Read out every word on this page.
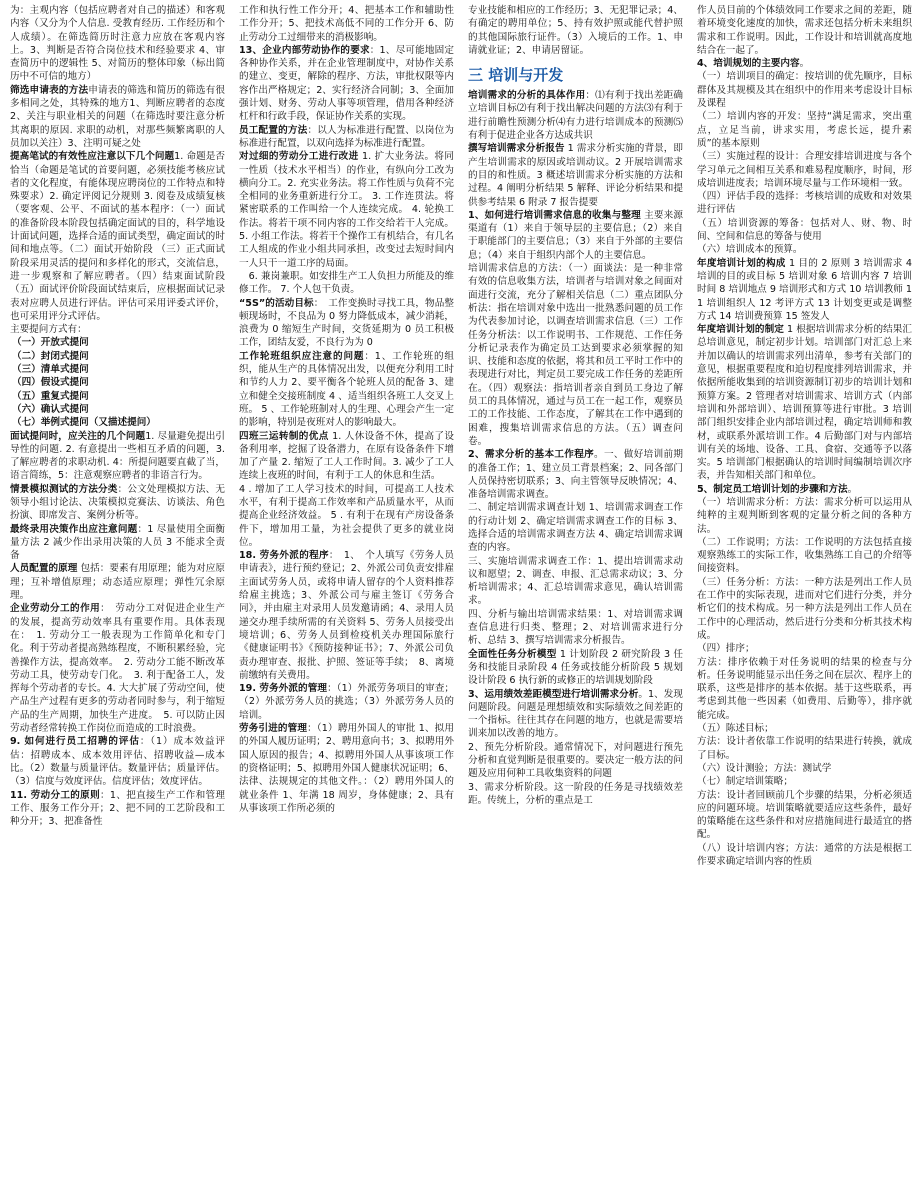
为：主观内容（包括应聘者对自己的描述）和客观内容（又分为个人信息. 受教育经历. 工作经历和个人成绩）。在筛选简历时注意力应放在客观内容上。3、判断是否符合岗位技术和经验要求 4、审查简历中的逻辑性 5、对简历的整体印象（标出简历中不可信的地方）

筛选申请表的方法申请表的筛选和简历的筛选有很多相同之处，其特殊的地方1、判断应聘者的态度 2、关注与职业相关的问题（在筛选时要注意分析其离职的原因. 求职的动机，对那些频繁离职的人员加以关注）3、注明可疑之处

提高笔试的有效性应注意以下几个问题1. 命题是否恰当（命题是笔试的首要问题，必须技能考核应试者的文化程度，有能体现应聘岗位的工作特点和特殊要求）2. 确定评阅记分规则 3. 阅卷及成绩复核（要客观、公平、不面试的基本程序：（一）面试的准备阶段本阶段包括确定面试的目的，科学地设计面试问题，选择合适的面试类型，确定面试的时间和地点等。（二）面试开始阶段 （三）正式面试阶段采用灵活的提问和多样化的形式，交流信息，进一步观察和了解应聘者。（四）结束面试阶段（五）面试评价阶段面试结束后，应根据面试记录表对应聘人员进行评估。评估可采用评委式评价，也可采用评分式评估。

主要提问方式有：

（一）开放式提问

（二）封闭式提问

（三）清单式提问

（四）假设式提问

（五）重复式提问

（六）确认式提问

（七）举例式提问（又描述提问）

面试提问时，应关注的几个问题1. 尽量避免提出引导性的问题. 2. 有意提出一些相互矛盾的问题，3. 了解应聘者的求职动机. 4：所提问题要直截了当，语言简练，5：注意观察应聘者的非语言行为。

情景模拟测试的方法分类：公文处理模拟方法、无领导小组讨论法、决策模拟竞赛法、访谈法、角色扮演、即席发言、案例分析等。

最终录用决策作出应注意问题：1 尽量使用全面衡量方法 2 减少作出录用决策的人员 3 不能求全责备

人员配置的原理 包括：要素有用原理；能为对应原理；互补增值原理；动态适应原理；弹性冗余原理。

企业劳动分工的作用：　劳动分工对促进企业生产的发展，提高劳动效率具有重要作用。具体表现在：　1. 劳动分工一般表现为工作简单化和专门化。利于劳动者提高熟练程度，不断积累经验，完善操作方法，提高效率。　2. 劳动分工能不断改革劳动工具，使劳动专门化。　3. 利于配备工人，发挥每个劳动者的专长。4. 大大扩展了劳动空间，使产品生产过程有更多的劳动者同时参与，利于缩短产品的生产周期，加快生产进度。　5. 可以防止因劳动者经常转换工作岗位而造成的工时浪费。

9. 如何进行员工招聘的评估：（1）成本效益评估：招聘成本、成本效用评估、招聘收益—成本比。（2）数量与质量评估。数量评估；质量评估。（3）信度与效度评估。信度评估；效度评估。

11. 劳动分工的原则：1、把直接生产工作和管理工作、服务工作分开；2、把不同的工艺阶段和工种分开；3、把准备性

工作和执行性工作分开；4、把基本工作和辅助性工作分开；5、把技术高低不同的工作分开 6、防止劳动分工过细带来的消极影响。

13、企业内部劳动协作的要求：1、尽可能地固定各种协作关系，并在企业管理制度中，对协作关系的建立、变更，解除的程序、方法，审批权限等内容作出严格规定；2、实行经济合同制；3、全面加强计划、财务、劳动人事等项管理，借用各种经济杠杆和行政手段，保证协作关系的实现。

员工配置的方法：以人为标准进行配置、以岗位为标准进行配置，以双向选择为标准进行配置。

对过细的劳动分工进行改进 1. 扩大业务法。将同一性质（技术水平相当）的作业，有纵向分工改为横向分工。2. 充实业务法。将工作性质与负荷不完全相同的业务重新进行分工。 3. 工作连贯法。将紧密联系的工作叫给一个人连续完成。 4. 轮换工作法。将若干项不同内容的工作交给若干人完成。 5. 小组工作法。将若干个操作工有机结合，有几名工人组成的作业小组共同承担，改变过去短时间内一人只干一道工序的局面。

　6. 兼岗兼职。如安排生产工人负担力所能及的维修工作。 7. 个人包干负责。

“5S”的活动目标：　工作变换时寻找工具，物品整顿现场时，不良品为 0 努力降低成本，减少消耗，浪费为 0 缩短生产时间，交货延期为 0 员工积极工作，团结友爱，不良行为为 0

工作轮班组织应注意的问题：1、工作轮班的组织，能从生产的具体情况出发，以便充分利用工时和节约人力 2、要平衡各个轮班人员的配备 3、建立和健全交接班制度 4 、适当组织各班工人交叉上班。 5 、工作轮班制对人的生理、心理会产生一定的影响，特别是夜班对人的影响最大。

四班三运转制的优点 1. 人休设备不休，提高了设备利用率，挖掘了设备潜力，在原有设备条件下增加了产量 2. 缩短了工人工作时间。3. 减少了工人连续上夜班的时间，有利于工人的休息和生活。

4 . 增加了工人学习技术的时间，可提高工人技术水平，有利于提高工作效率和产品质量水平，从而提高企业经济效益。 5 . 有利于在现有产房设备条件下，增加用工量，为社会提供了更多的就业岗位。

18. 劳务外派的程序：　1、　个人填写《劳务人员申请表》，进行预约登记；2、外派公司负责安排雇主面试劳务人员，或将申请人留存的个人资料推荐给雇主挑选；3、外派公司与雇主签订《劳务合同》，并由雇主对录用人员发邀请函；4、录用人员递交办理手续所需的有关资料 5、劳务人员接受出境培训；6、劳务人员到检疫机关办理国际旅行《健康证明书》《预防接种证书》；7、外派公司负责办理审查、报批、护照、签证等手续；　8、离境前缴纳有关费用。

19. 劳务外派的管理：（1）外派劳务项目的审查；（2）外派劳务人员的挑选；（3）外派劳务人员的培训。

劳务引进的管理：（1）聘用外国人的审批 1、拟用的外国人履历证明；2、聘用意向书；3、拟聘用外国人原因的报告；4、拟聘用外国人从事该项工作的资格证明；5、拟聘用外国人健康状况证明；6、法律、法规规定的其他文件。：（2）聘用外国人的就业条件 1、年满 18 周岁，身体健康；2、具有从事该项工作所必须的

专业技能和相应的工作经历；3、无犯罪记录；4、有确定的聘用单位；5、持有效护照或能代替护照的其他国际旅行证件。（3）入境后的工作。1、申请就业证；2、申请居留证。

三 培训与开发

培训需求的分析的具体作用：⑴有利于找出差距确立培训目标⑵有利于找出解决问题的方法⑶有利于进行前瞻性预测分析⑷有力进行培训成本的预测⑸有利于促进企业各方达成共识

撰写培训需求分析报告 1 需求分析实施的背景，即产生培训需求的原因或培训动议。2 开展培训需求的目的和性质。3 概述培训需求分析实施的方法和过程。4 阐明分析结果 5 解释、评论分析结果和提供参考结果 6 附录 7 报告提要

1、如何进行培训需求信息的收集与整理 主要来源渠道有（1）来自于领导层的主要信息；（2）来自于职能部门的主要信息；（3）来自于外部的主要信息；（4）来自于组织内部个人的主要信息。

培训需求信息的方法：（一）面谈法：是一种非常有效的信息收集方法，培训者与培训对象之间面对面进行交流，充分了解相关信息（二）重点团队分析法：指在培训对象中选出一批熟悉问题的员工作为代表参加讨论，以调查培训需求信息（三）工作任务分析法：以工作说明书、工作规范、工作任务分析记录表作为确定员工达到要求必须掌握的知识、技能和态度的依据，将其和员工平时工作中的表现进行对比，判定员工要完成工作任务的差距所在。（四）观察法：指培训者亲自到员工身边了解员工的具体情况，通过与员工在一起工作，观察员工的工作技能、工作态度，了解其在工作中遇到的困难，搜集培训需求信息的方法。（五）调查问卷。

2、需求分析的基本工作程序。一、做好培训前期的准备工作；1、建立员工背景档案；2、同各部门人员保持密切联系；3、向主管领导反映情况；4、准备培训需求调查。

二、制定培训需求调查计划 1、培训需求调查工作的行动计划 2、确定培训需求调查工作的目标 3、选择合适的培训需求调查方法 4、确定培训需求调查的内容。

三、实施培训需求调查工作：1、提出培训需求动议和愿望；2、调查、申报、汇总需求动议；3、分析培训需求；4、汇总培训需求意见，确认培训需求。

四、分析与输出培训需求结果：1、对培训需求调查信息进行归类、整理；2、对培训需求进行分析、总结 3、撰写培训需求分析报告。

全面性任务分析模型 1 计划阶段 2 研究阶段 3 任务和技能目录阶段 4 任务或技能分析阶段 5 规划设计阶段 6 执行新的或修正的培训规划阶段

3、运用绩效差距模型进行培训需求分析。1、发现问题阶段。问题是理想绩效和实际绩效之间差距的一个指标。往往其存在问题的地方，也就是需要培训来加以改善的地方。

2、预先分析阶段。通常情况下，对问题进行预先分析和直觉判断是很重要的。要决定一般方法的问题及应用何种工具收集资料的问题

3、需求分析阶段。这一阶段的任务是寻找绩效差距。传统上，分析的重点是工

作人员目前的个体绩效同工作要求之间的差距，随着环境变化速度的加快，需求还包括分析未来组织需求和工作说明。因此，工作设计和培训就高度地结合在一起了。

4、培训规划的主要内容。

（一）培训项目的确定：按培训的优先顺序，目标群体及其规模及其在组织中的作用来考虑设计目标及课程

（二）培训内容的开发：坚持“满足需求，突出重点，立足当前，讲求实用，考虑长远，提升素质”的基本原则

（三）实施过程的设计：合理安排培训进度与各个学习单元之间相互关系和难易程度顺序，时间，形成培训进度表；培训环境尽量与工作环境相一致。

（四）评估手段的选择：考核培训的成败和对效果进行评估

（五）培训资源的筹备：包括对人、财、物、时间、空间和信息的筹备与使用

（六）培训成本的预算。

年度培训计划的构成 1 目的 2 原则 3 培训需求 4 培训的目的或目标 5 培训对象 6 培训内容 7 培训时间 8 培训地点 9 培训形式和方式 10 培训教师 11 培训组织人 12 考评方式 13 计划变更或是调整方式 14 培训费预算 15 签发人

年度培训计划的制定 1 根据培训需求分析的结果汇总培训意见，制定初步计划。培训部门对汇总上来并加以确认的培训需求列出清单，参考有关部门的意见，根据重要程度和迫切程度排列培训需求，并依据所能收集到的培训资源制订初步的培训计划和预算方案。2 管理者对培训需求、培训方式（内部培训和外部培训）、培训预算等进行审批。3 培训部门组织安排企业内部培训过程，确定培训师和教材，或联系外派培训工作。4 后勤部门对与内部培训有关的场地、设备、工具、食宿、交通等予以落实。5 培训部门根据确认的培训时间编制培训次序表，并告知相关部门和单位。

5、制定员工培训计划的步骤和方法。

（一）培训需求分析：方法：需求分析可以运用从纯粹的主观判断到客观的定量分析之间的各种方法。

（二）工作说明；方法：工作说明的方法包括直接观察熟练工的实际工作，收集熟练工自己的介绍等间接资料。

（三）任务分析：方法：一种方法是列出工作人员在工作中的实际表现，进而对它们进行分类，并分析它们的技术构成。另一种方法是列出工作人员在工作中的心理活动，然后进行分类和分析其技术构成。

（四）排序；

方法：排序依赖于对任务说明的结果的检查与分析。任务说明能显示出任务之间在层次、程序上的联系，这些是排序的基本依据。基于这些联系，再考虑到其他一些因素（如费用、后勤等），排序就能完成。

（五）陈述目标；

方法：设计者依靠工作说明的结果进行转换，就成了目标。

（六）设计测验；方法：测试学

（七）制定培训策略；

方法：设计者回顾前几个步骤的结果，分析必须适应的问题环境。培训策略就要适应这些条件，最好的策略能在这些条件和对应措施间进行最适宜的搭配。

（八）设计培训内容；方法：通常的方法是根据工作要求确定培训内容的性质
